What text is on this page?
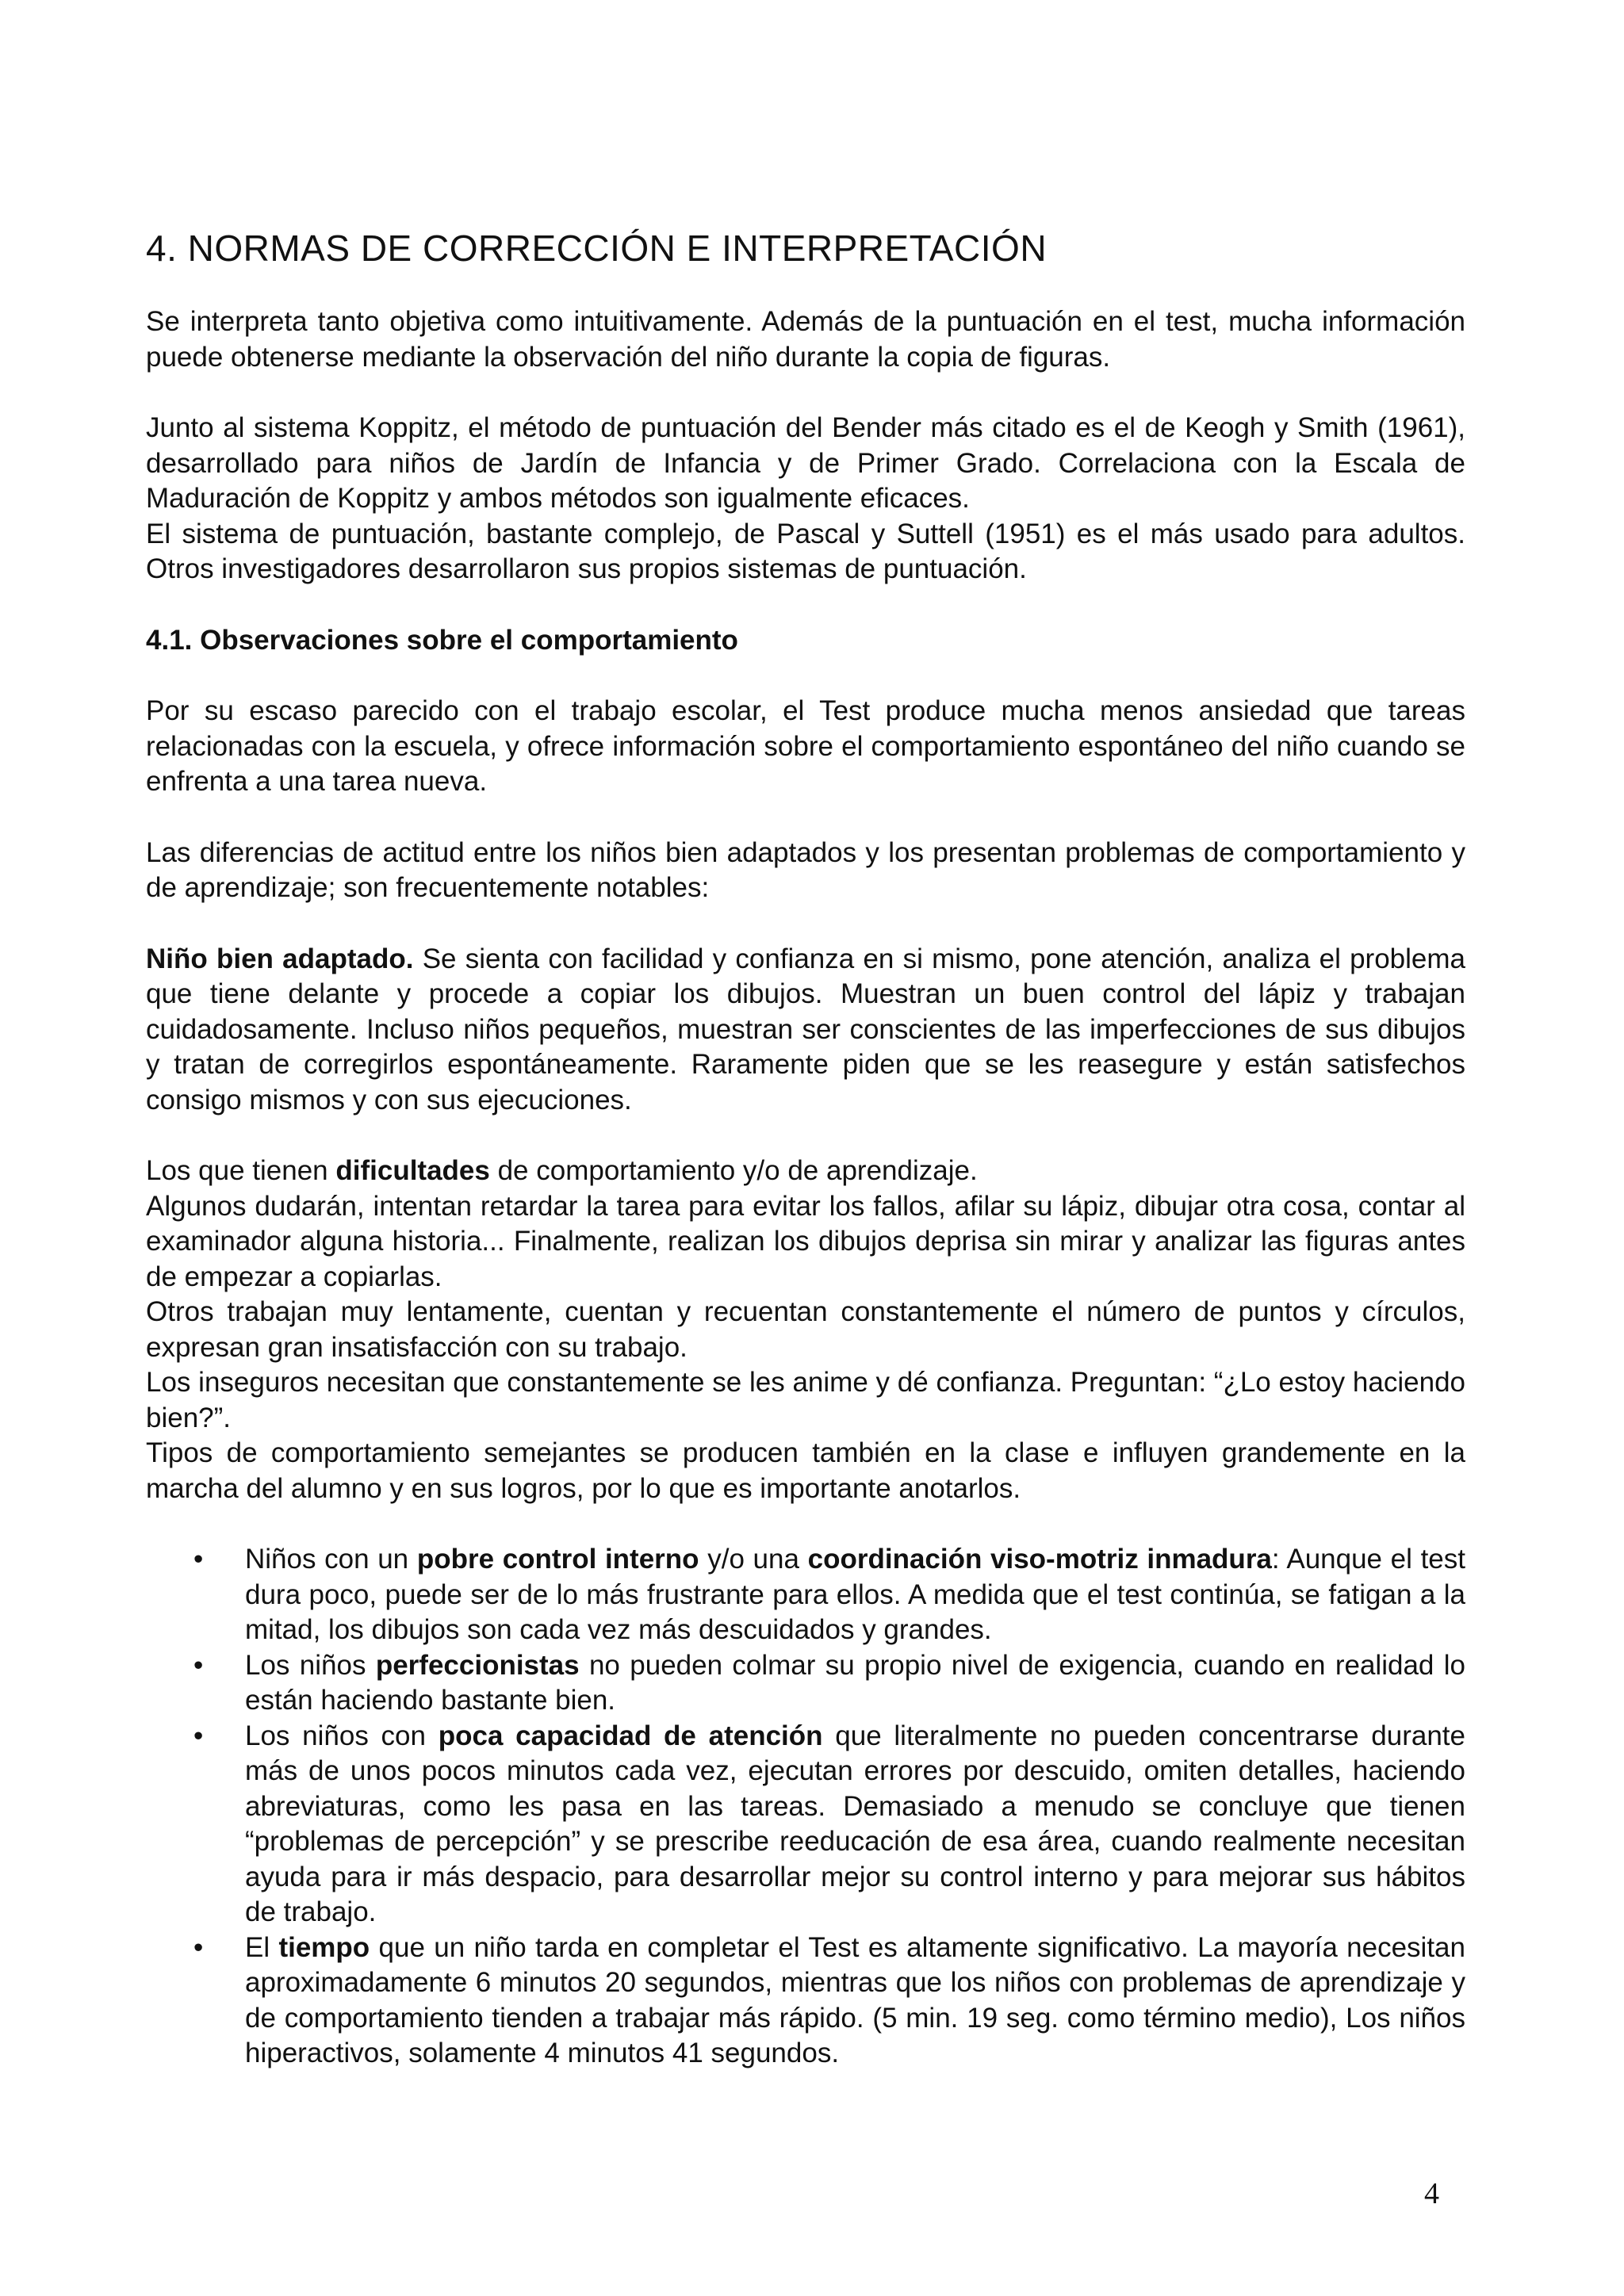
4. NORMAS DE CORRECCIÓN E INTERPRETACIÓN

Se interpreta tanto objetiva como intuitivamente. Además de la puntuación en el test, mucha información puede obtenerse mediante la observación del niño durante la copia de figuras.

Junto al sistema Koppitz, el método de puntuación del Bender más citado es el de Keogh y Smith (1961), desarrollado para niños de Jardín de Infancia y de Primer Grado. Correlaciona con la Escala de Maduración de Koppitz y ambos métodos son igualmente eficaces.

El sistema de puntuación, bastante complejo, de Pascal y Suttell (1951) es el más usado para adultos. Otros investigadores desarrollaron sus propios sistemas de puntuación.

4.1. Observaciones sobre el comportamiento

Por su escaso parecido con el trabajo escolar, el Test produce mucha menos ansiedad que tareas relacionadas con la escuela, y ofrece información sobre el comportamiento espontáneo del niño cuando se enfrenta a una tarea nueva.

Las diferencias de actitud entre los niños bien adaptados y los presentan problemas de comportamiento y de aprendizaje; son frecuentemente notables:

Niño bien adaptado. Se sienta con facilidad y confianza en si mismo, pone atención, analiza el problema que tiene delante y procede a copiar los dibujos. Muestran un buen control del lápiz y trabajan cuidadosamente. Incluso niños pequeños, muestran ser conscientes de las imperfecciones de sus dibujos y tratan de corregirlos espontáneamente. Raramente piden que se les reasegure y están satisfechos consigo mismos y con sus ejecuciones.

Los que tienen dificultades de comportamiento y/o de aprendizaje.

Algunos dudarán, intentan retardar la tarea para evitar los fallos, afilar su lápiz, dibujar otra cosa, contar al examinador alguna historia... Finalmente, realizan los dibujos deprisa sin mirar y analizar las figuras antes de empezar a copiarlas.

Otros trabajan muy lentamente, cuentan y recuentan constantemente el número de puntos y círculos, expresan gran insatisfacción con su trabajo.

Los inseguros necesitan que constantemente se les anime y dé confianza. Preguntan: “¿Lo estoy haciendo bien?”.

Tipos de comportamiento semejantes se producen también en la clase e influyen grandemente en la marcha del alumno y en sus logros, por lo que es importante anotarlos.

• Niños con un pobre control interno y/o una coordinación viso-motriz inmadura: Aunque el test dura poco, puede ser de lo más frustrante para ellos. A medida que el test continúa, se fatigan a la mitad, los dibujos son cada vez más descuidados y grandes.
• Los niños perfeccionistas no pueden colmar su propio nivel de exigencia, cuando en realidad lo están haciendo bastante bien.
• Los niños con poca capacidad de atención que literalmente no pueden concentrarse durante más de unos pocos minutos cada vez, ejecutan errores por descuido, omiten detalles, haciendo abreviaturas, como les pasa en las tareas. Demasiado a menudo se concluye que tienen “problemas de percepción” y se prescribe reeducación de esa área, cuando realmente necesitan ayuda para ir más despacio, para desarrollar mejor su control interno y para mejorar sus hábitos de trabajo.
• El tiempo que un niño tarda en completar el Test es altamente significativo. La mayoría necesitan aproximadamente 6 minutos 20 segundos, mientras que los niños con problemas de aprendizaje y de comportamiento tienden a trabajar más rápido. (5 min. 19 seg. como término medio), Los niños hiperactivos, solamente 4 minutos 41 segundos.
4
